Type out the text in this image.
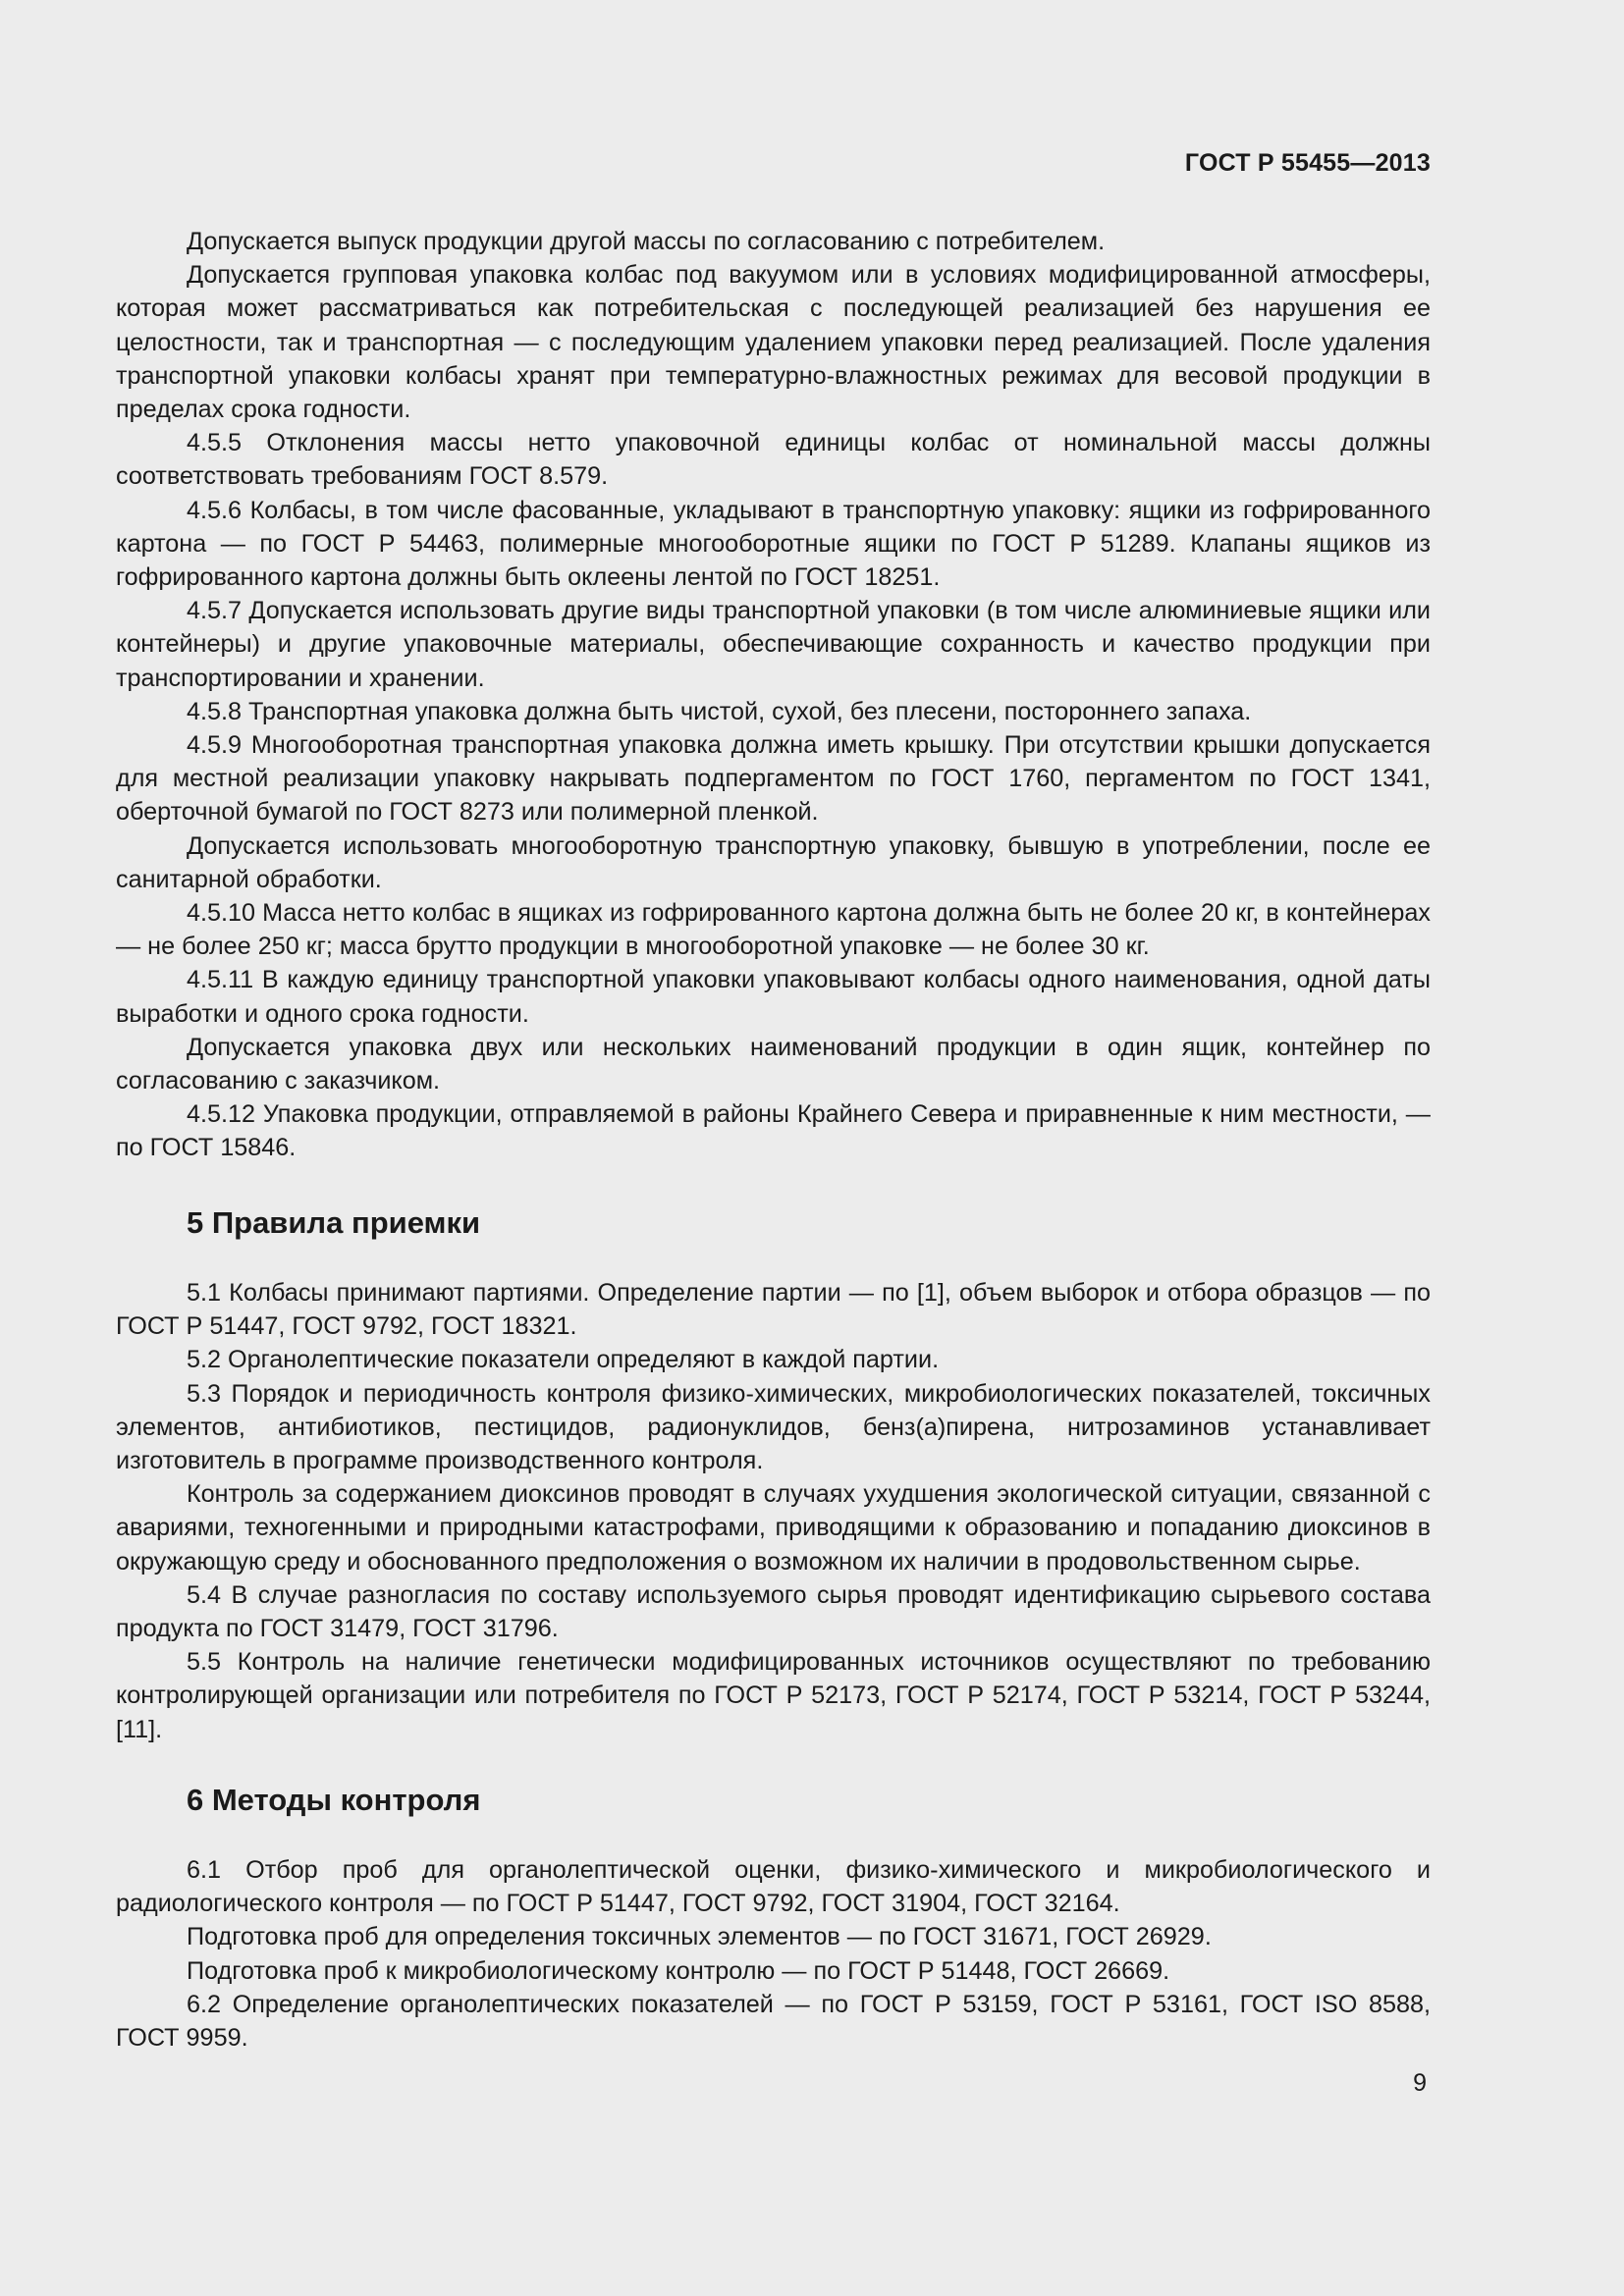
ГОСТ Р 55455—2013

Допускается выпуск продукции другой массы по согласованию с потребителем.

Допускается групповая упаковка колбас под вакуумом или в условиях модифицированной атмосферы, которая может рассматриваться как потребительская с последующей реализацией без нарушения ее целостности, так и транспортная — с последующим удалением упаковки перед реализацией. После удаления транспортной упаковки колбасы хранят при температурно-влажностных режимах для весовой продукции в пределах срока годности.

4.5.5 Отклонения массы нетто упаковочной единицы колбас от номинальной массы должны соответствовать требованиям ГОСТ 8.579.

4.5.6 Колбасы, в том числе фасованные, укладывают в транспортную упаковку: ящики из гофрированного картона — по ГОСТ Р 54463, полимерные многооборотные ящики по ГОСТ Р 51289. Клапаны ящиков из гофрированного картона должны быть оклеены лентой по ГОСТ 18251.

4.5.7 Допускается использовать другие виды транспортной упаковки (в том числе алюминиевые ящики или контейнеры) и другие упаковочные материалы, обеспечивающие сохранность и качество продукции при транспортировании и хранении.

4.5.8 Транспортная упаковка должна быть чистой, сухой, без плесени, постороннего запаха.

4.5.9 Многооборотная транспортная упаковка должна иметь крышку. При отсутствии крышки допускается для местной реализации упаковку накрывать подпергаментом по ГОСТ 1760, пергаментом по ГОСТ 1341, оберточной бумагой по ГОСТ 8273 или полимерной пленкой.

Допускается использовать многооборотную транспортную упаковку, бывшую в употреблении, после ее санитарной обработки.

4.5.10 Масса нетто колбас в ящиках из гофрированного картона должна быть не более 20 кг, в контейнерах — не более 250 кг; масса брутто продукции в многооборотной упаковке — не более 30 кг.

4.5.11 В каждую единицу транспортной упаковки упаковывают колбасы одного наименования, одной даты выработки и одного срока годности.

Допускается упаковка двух или нескольких наименований продукции в один ящик, контейнер по согласованию с заказчиком.

4.5.12 Упаковка продукции, отправляемой в районы Крайнего Севера и приравненные к ним местности, — по ГОСТ 15846.

5 Правила приемки

5.1 Колбасы принимают партиями. Определение партии — по [1], объем выборок и отбора образцов — по ГОСТ Р 51447, ГОСТ 9792, ГОСТ 18321.

5.2 Органолептические показатели определяют в каждой партии.

5.3 Порядок и периодичность контроля физико-химических, микробиологических показателей, токсичных элементов, антибиотиков, пестицидов, радионуклидов, бенз(а)пирена, нитрозаминов устанавливает изготовитель в программе производственного контроля.

Контроль за содержанием диоксинов проводят в случаях ухудшения экологической ситуации, связанной с авариями, техногенными и природными катастрофами, приводящими к образованию и попаданию диоксинов в окружающую среду и обоснованного предположения о возможном их наличии в продовольственном сырье.

5.4 В случае разногласия по составу используемого сырья проводят идентификацию сырьевого состава продукта по ГОСТ 31479, ГОСТ 31796.

5.5 Контроль на наличие генетически модифицированных источников осуществляют по требованию контролирующей организации или потребителя по ГОСТ Р 52173, ГОСТ Р 52174, ГОСТ Р 53214, ГОСТ Р 53244, [11].

6 Методы контроля

6.1 Отбор проб для органолептической оценки, физико-химического и микробиологического и радиологического контроля — по ГОСТ Р 51447, ГОСТ 9792, ГОСТ 31904, ГОСТ 32164.

Подготовка проб для определения токсичных элементов — по ГОСТ 31671, ГОСТ 26929.

Подготовка проб к микробиологическому контролю — по ГОСТ Р 51448, ГОСТ 26669.

6.2 Определение органолептических показателей — по ГОСТ Р 53159, ГОСТ Р 53161, ГОСТ ISO 8588, ГОСТ 9959.

9
